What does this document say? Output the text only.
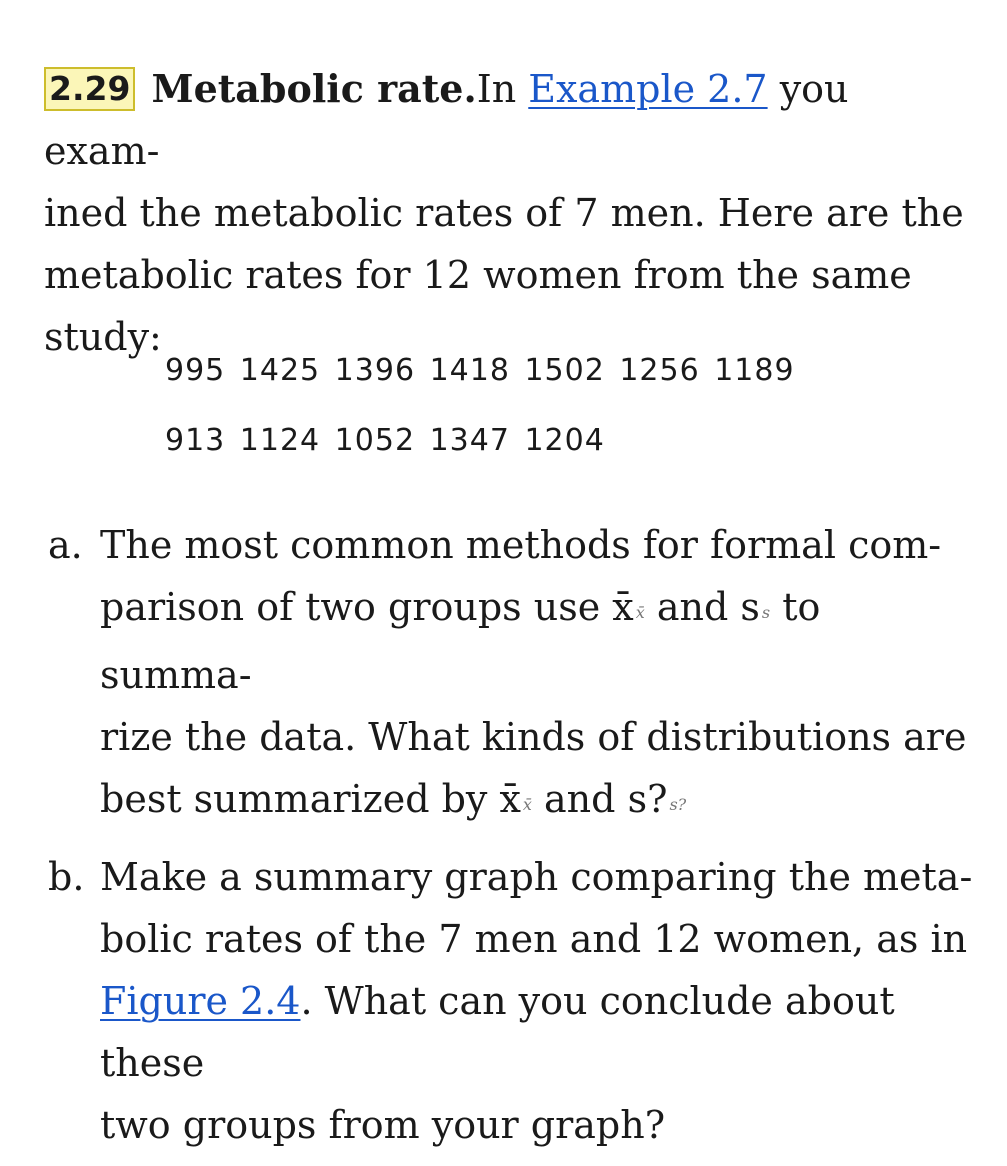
2.29 Metabolic rate.In Example 2.7 you exam-

ined the metabolic rates of 7 men. Here are the

metabolic rates for 12 women from the same

study:

995 1425 1396 1418 1502 1256 1189
913 1124 1052 1347 1204
a. The most common methods for formal com-
parison of two groups use x̄ x̄ and s s to summa-
rize the data. What kinds of distributions are
best summarized by x̄ x̄ and s? s?
b. Make a summary graph comparing the meta-
bolic rates of the 7 men and 12 women, as in
Figure 2.4. What can you conclude about these
two groups from your graph?
